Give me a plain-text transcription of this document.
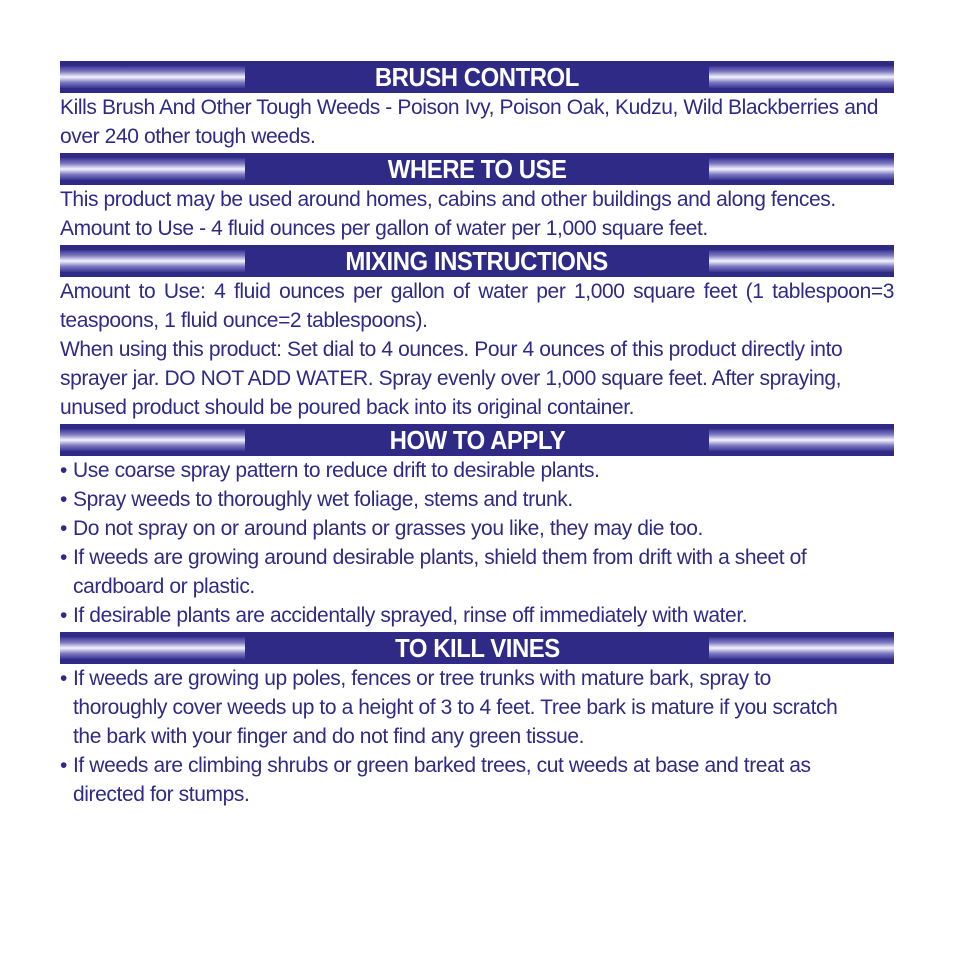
BRUSH CONTROL

Kills Brush And Other Tough Weeds - Poison Ivy, Poison Oak, Kudzu, Wild Blackberries and over 240 other tough weeds.

WHERE TO USE

This product may be used around homes, cabins and other buildings and along fences. Amount to Use - 4 fluid ounces per gallon of water per 1,000 square feet.

MIXING INSTRUCTIONS

Amount to Use: 4 fluid ounces per gallon of water per 1,000 square feet (1 tablespoon=3 teaspoons, 1 fluid ounce=2 tablespoons).

When using this product: Set dial to 4 ounces. Pour 4 ounces of this product directly into sprayer jar. DO NOT ADD WATER. Spray evenly over 1,000 square feet. After spraying, unused product should be poured back into its original container.

HOW TO APPLY
• Use coarse spray pattern to reduce drift to desirable plants.
• Spray weeds to thoroughly wet foliage, stems and trunk.
• Do not spray on or around plants or grasses you like, they may die too.
• If weeds are growing around desirable plants, shield them from drift with a sheet of cardboard or plastic.
• If desirable plants are accidentally sprayed, rinse off immediately with water.
TO KILL VINES
• If weeds are growing up poles, fences or tree trunks with mature bark, spray to thoroughly cover weeds up to a height of 3 to 4 feet. Tree bark is mature if you scratch the bark with your finger and do not find any green tissue.
• If weeds are climbing shrubs or green barked trees, cut weeds at base and treat as directed for stumps.
